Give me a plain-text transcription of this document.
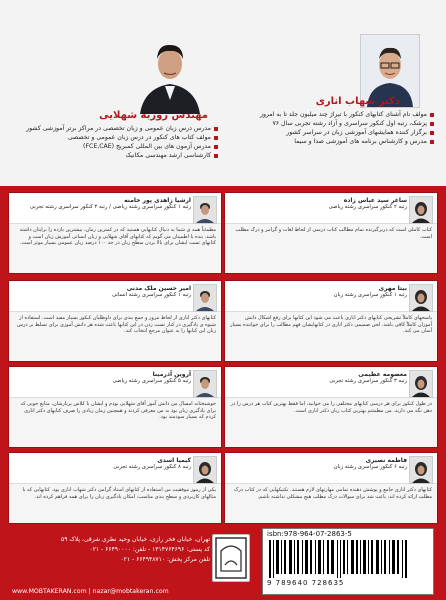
دکتر شهاب اناری
مولف نام آشنای کتابهای کنکور با تیراژ چند میلیون جلد تا به امروز
پزشک، رتبه اول کنکور سراسری و آزاد رشته تجربی سال ۷۶
برگزار کننده همایشهای آموزشی زبان در سراسر کشور
مدرس و کارشناس برنامه های آموزشی صدا و سیما
مهندس روزبه شهلایی
مدرس درس زبان عمومی و زبان تخصصی در مراکز برتر آموزشی کشور
مولف کتاب های کنکور در درس زبان عمومی و تخصصی
مدرس آزمون های بین المللی کمبریج (FCE,CAE)
کارشناسی ارشد مهندسی مکانیک
ساغر سید عباس زاده
رتبه ۲ کنکور سراسری رشته ریاضی
کتاب کاملی است که دربرگیرنده تمام مطالب کتاب درسی از لحاظ لغات و گرامر و درک مطلب است.
بیتا مهری
رتبه ۱ کنکور سراسری رشته زبان
پاسخهای کاملاً تشریحی کتابهای دکتر اناری باعث می شود این کتابها برای رفع اشکال دانش آموزان کاملاً کافی باشد. لحن صمیمی دکتر اناری در کتابهایشان فهم مطالب را برای خواننده بسیار آسان می کند.
معصومه عظیمی
رتبه ۳ کنکور سراسری رشته تجربی
در طول کنکور برای هر درسی کتابهای مختلفی را می خوانید، اما فقط بهترین کتاب هر درس را در ذهن نگه می دارید. من مطمئنم بهترین کتاب زبان دکتر اناری است.
فاطمه نصیری
رتبه ۶ کنکور سراسری رشته زبان
کتابهای دکتر اناری جامع و پوشش دهنده تمامی مهارتهای لازم هستند. تکنیکهایی که در کتاب درک مطلب ارائه کرده اند، باعث شد برای سوالات درک مطلب هیچ مشکلی نداشته باشم.
ارشیا زاهدی پور خامنه
رتبه ۱ کنکور سراسری رشته ریاضی / رتبه ۳ کنکور سراسری رشته تجربی
مطمئناً همه ی شما به دنبال کتابهایی هستید که در کمترین زمان، بیشترین بازده را برایتان داشته باشد. بنده با اطمینان می گویم که کتابهای آقای شهلایی و زبان انسانی آموزش زبان است و کتابهای تست ایشان برای بالا بردن سطح زبان در حد ۱۰۰ درصد زبان عمومی بسیار موثر است.
امیر حسین ملک مدنی
رتبه ۱ کنکور سراسری رشته انسانی
کتابهای دکتر اناری از لحاظ مرور و جمع بندی برای داوطلبان کنکور بسیار مفید است. استفاده از شیوه ی یادگیری در کنار تست زدن در این کتابها باعث شده هر دانش آموزی برای تسلط بر درس زبان این کتابها را به عنوان مرجع انتخاب کند.
آروین آذرمینا
رتبه ۵ کنکور سراسری رشته ریاضی
خوشبختانه امسال من دانش آموز آقای شهلایی بودم و ایشان با کلاس پربارشان، منابع خوبی که برای یادگیری زبان بود به من معرفی کردند و همچنین زمان زیادی را صرف کتابهای دکتر اناری کردم که بسیار سودمند بود.
کیمیا اسدی
رتبه ۸ کنکور سراسری رشته تجربی
یکی از رموز موفقیت من استفاده از کتابهای استاد گرامی دکتر شهاب اناری بود. کتابهایی که با مثالهای کاربردی و سطح بندی مناسب، امکان یادگیری زبان را برای همه فراهم کرده اند.
isbn:978-964-07-2863-5
9 789640 728635
تهران، خیابان فخر رازی، خیابان وحید نظری شرقی، پلاک ۵۹
کد پستی: ۱۳۱۴۷۶۴۶۹۶ - تلفن: ۶۶۴۹۰۰۰۰ - ۰۲۱
تلفن مرکز پخش: ۶۶۴۹۴۸۷۱۰ - ۰۲۱
www.MOBTAKERAN.com | nazar@mobtakeran.com
